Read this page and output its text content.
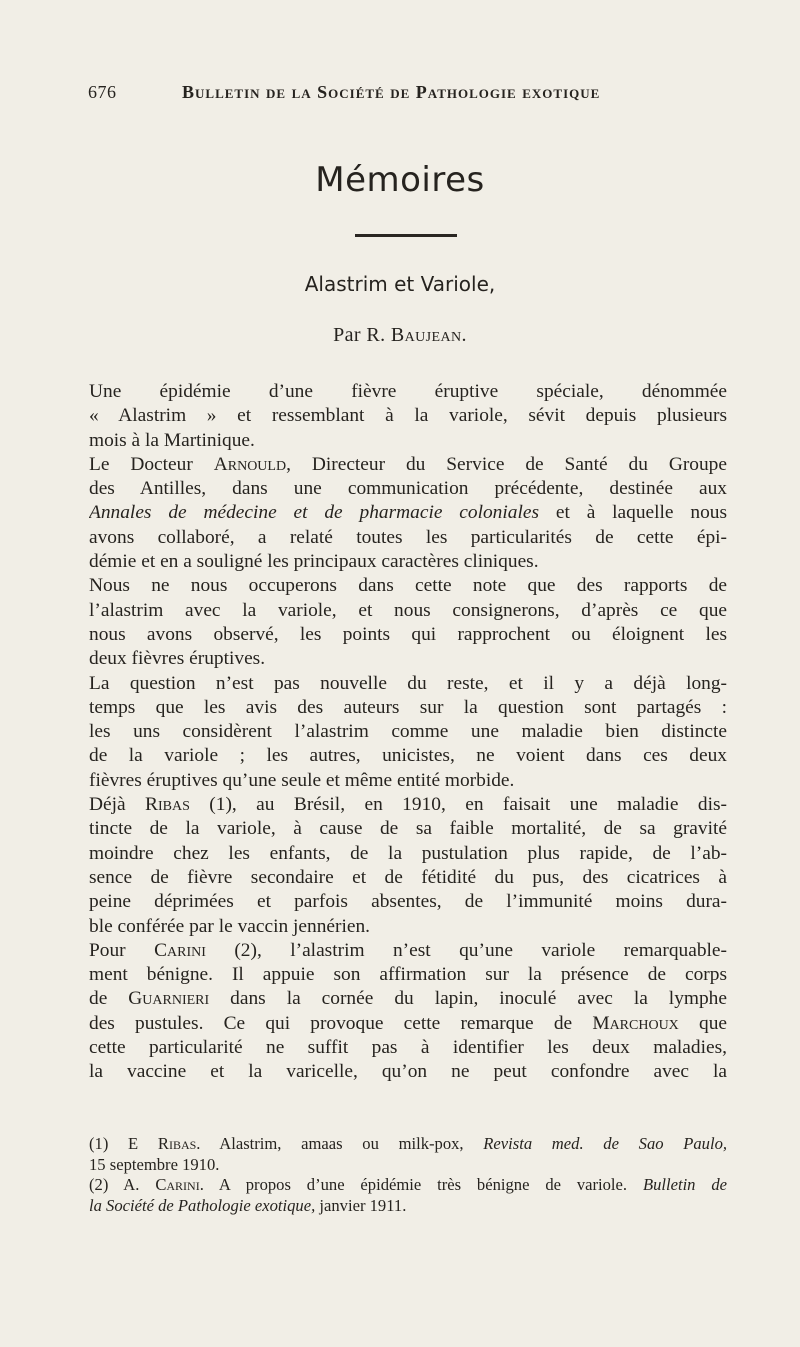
676	Bulletin de la Société de Pathologie exotique
Mémoires
Alastrim et Variole,
Par R. Baujean.
Une épidémie d’une fièvre éruptive spéciale, dénommée
« Alastrim » et ressemblant à la variole, sévit depuis plusieurs
mois à la Martinique.
Le Docteur Arnould, Directeur du Service de Santé du Groupe
des Antilles, dans une communication précédente, destinée aux
Annales de médecine et de pharmacie coloniales et à laquelle nous
avons collaboré, a relaté toutes les particularités de cette épi-
démie et en a souligné les principaux caractères cliniques.
Nous ne nous occuperons dans cette note que des rapports de
l’alastrim avec la variole, et nous consignerons, d’après ce que
nous avons observé, les points qui rapprochent ou éloignent les
deux fièvres éruptives.
La question n’est pas nouvelle du reste, et il y a déjà long-
temps que les avis des auteurs sur la question sont partagés :
les uns considèrent l’alastrim comme une maladie bien distincte
de la variole ; les autres, unicistes, ne voient dans ces deux
fièvres éruptives qu’une seule et même entité morbide.
Déjà Ribas (1), au Brésil, en 1910, en faisait une maladie dis-
tincte de la variole, à cause de sa faible mortalité, de sa gravité
moindre chez les enfants, de la pustulation plus rapide, de l’ab-
sence de fièvre secondaire et de fétidité du pus, des cicatrices à
peine déprimées et parfois absentes, de l’immunité moins dura-
ble conférée par le vaccin jennérien.
Pour Carini (2), l’alastrim n’est qu’une variole remarquable-
ment bénigne. Il appuie son affirmation sur la présence de corps
de Guarnieri dans la cornée du lapin, inoculé avec la lymphe
des pustules. Ce qui provoque cette remarque de Marchoux que
cette particularité ne suffit pas à identifier les deux maladies,
la vaccine et la varicelle, qu’on ne peut confondre avec la
(1) E Ribas. Alastrim, amaas ou milk-pox, Revista med. de Sao Paulo,
15 septembre 1910.
(2) A. Carini. A propos d’une épidémie très bénigne de variole. Bulletin de
la Société de Pathologie exotique, janvier 1911.
